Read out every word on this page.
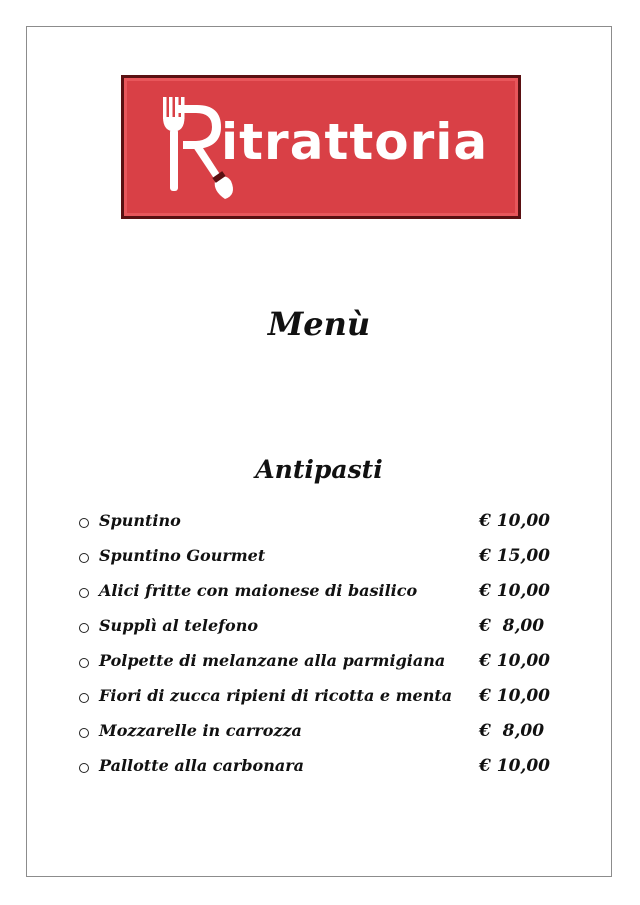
itrattoria
Menù
Antipasti
Spuntino	€ 10,00
Spuntino Gourmet	€ 15,00
Alici fritte con maionese di basilico	€ 10,00
Supplì al telefono	€  8,00
Polpette di melanzane alla parmigiana € 10,00
Fiori di zucca ripieni di ricotta e menta € 10,00
Mozzarelle in carrozza	€  8,00
Pallotte alla carbonara	€ 10,00
